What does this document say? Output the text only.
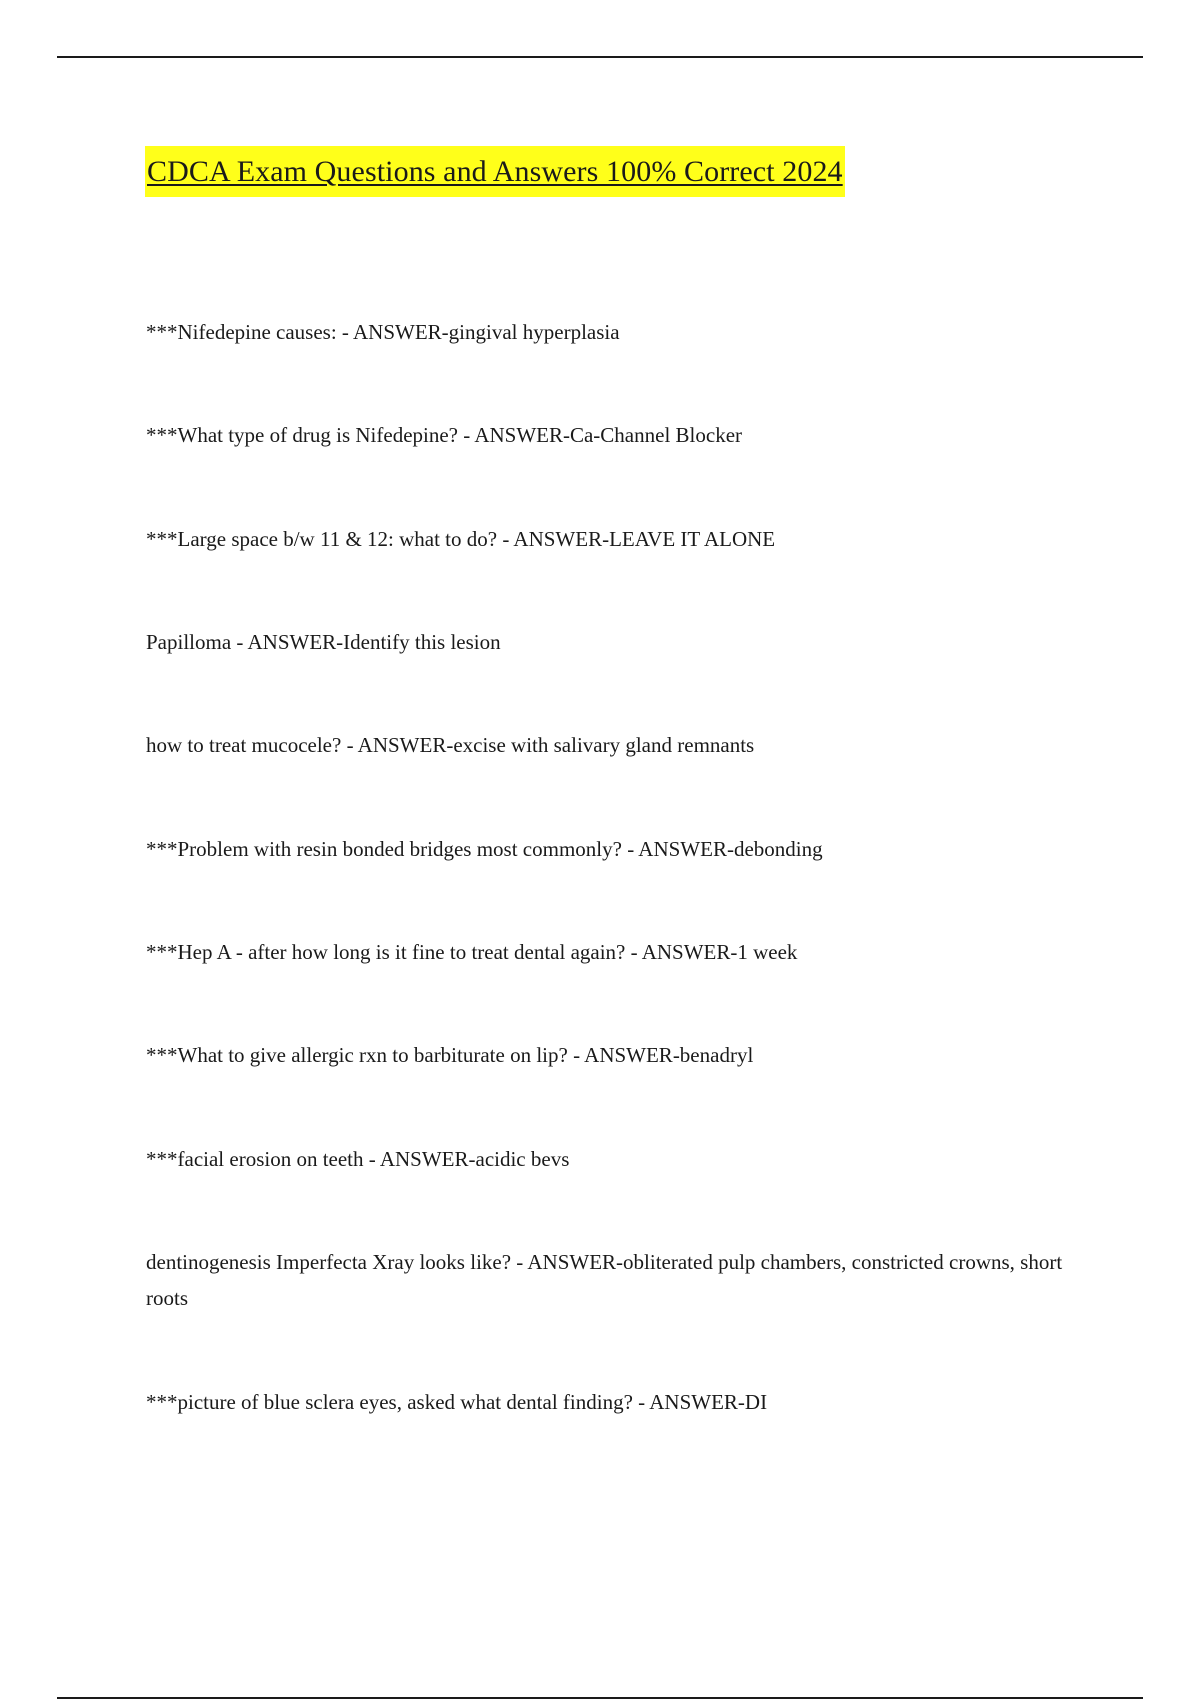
CDCA Exam Questions and Answers 100% Correct 2024
***Nifedepine causes: - ANSWER-gingival hyperplasia
***What type of drug is Nifedepine? - ANSWER-Ca-Channel Blocker
***Large space b/w 11 & 12: what to do? - ANSWER-LEAVE IT ALONE
Papilloma - ANSWER-Identify this lesion
how to treat mucocele? - ANSWER-excise with salivary gland remnants
***Problem with resin bonded bridges most commonly? - ANSWER-debonding
***Hep A - after how long is it fine to treat dental again? - ANSWER-1 week
***What to give allergic rxn to barbiturate on lip? - ANSWER-benadryl
***facial erosion on teeth - ANSWER-acidic bevs
dentinogenesis Imperfecta Xray looks like? - ANSWER-obliterated pulp chambers, constricted crowns, short roots
***picture of blue sclera eyes, asked what dental finding? - ANSWER-DI
